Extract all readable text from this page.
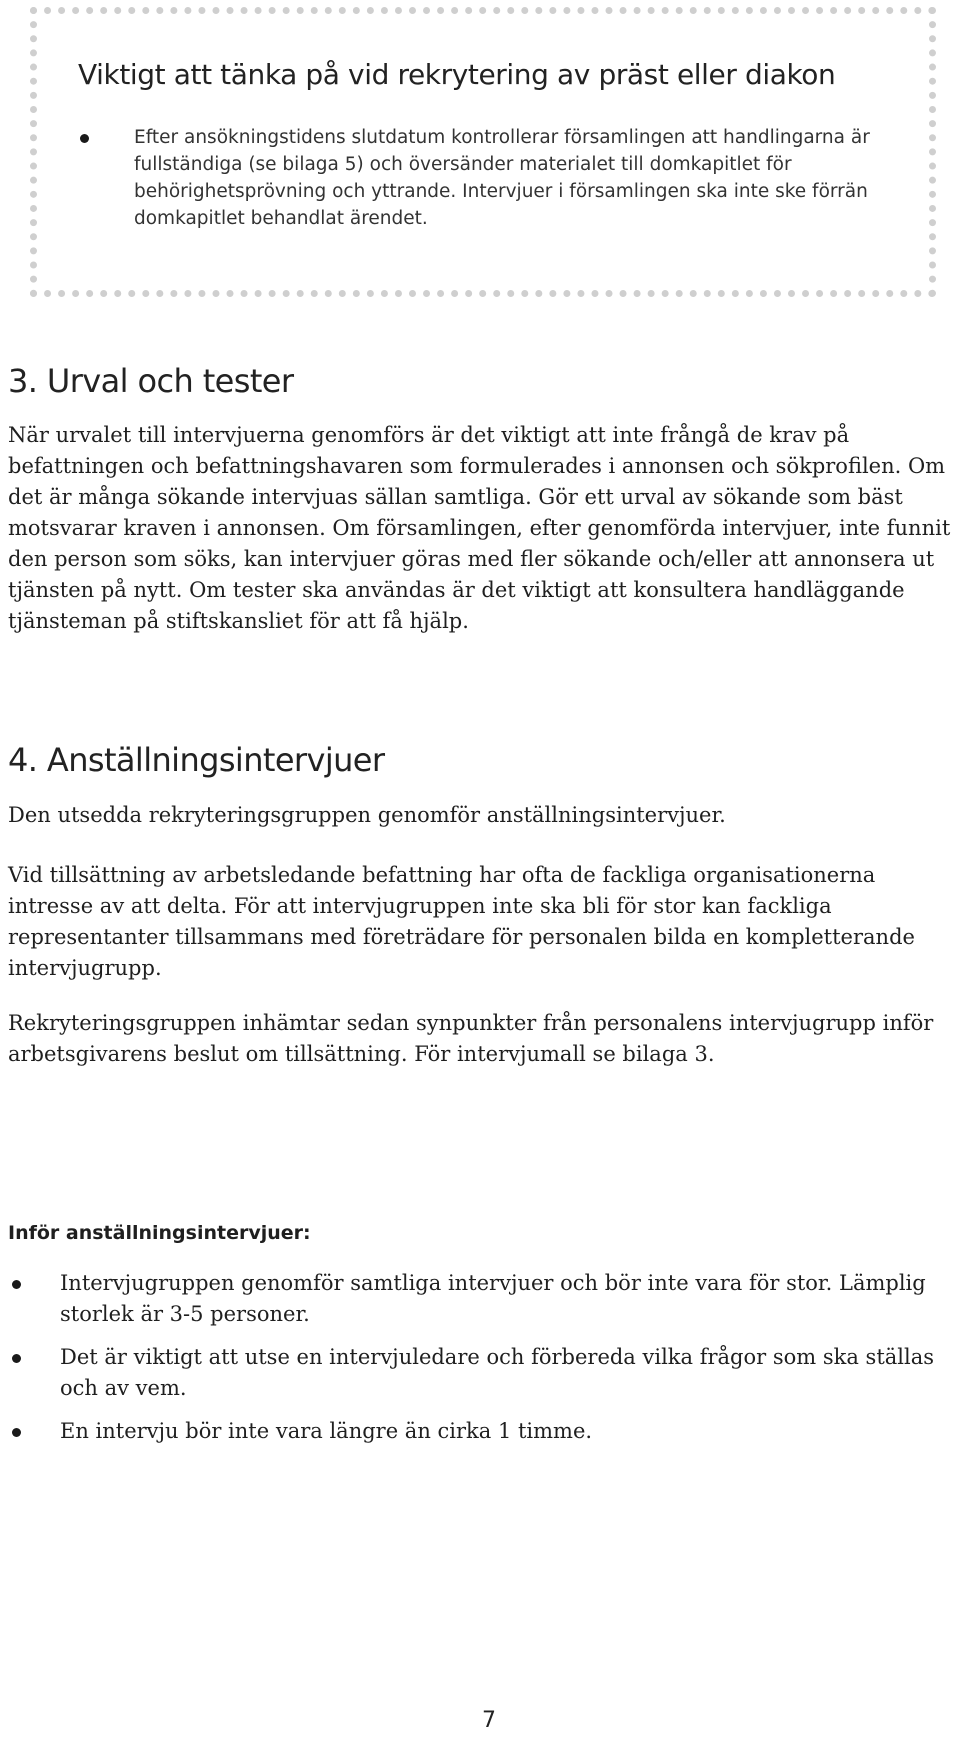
Viktigt att tänka på vid rekrytering av präst eller diakon
Efter ansökningstidens slutdatum kontrollerar församlingen att handlingarna är fullständiga (se bilaga 5) och översänder materialet till domkapitlet för behörighetsprövning och yttrande. Intervjuer i församlingen ska inte ske förrän domkapitlet behandlat ärendet.
3. Urval och tester

När urvalet till intervjuerna genomförs är det viktigt att inte frångå de krav på befattningen och befattningshavaren som formulerades i annonsen och sökprofilen. Om det är många sökande intervjuas sällan samtliga. Gör ett urval av sökande som bäst motsvarar kraven i annonsen. Om församlingen, efter genomförda intervjuer, inte funnit den person som söks, kan intervjuer göras med fler sökande och/eller att annonsera ut tjänsten på nytt. Om tester ska användas är det viktigt att konsultera handläggande tjänsteman på stiftskansliet för att få hjälp.

4. Anställningsintervjuer

Den utsedda rekryteringsgruppen genomför anställningsintervjuer.

Vid tillsättning av arbetsledande befattning har ofta de fackliga organisationerna intresse av att delta. För att intervjugruppen inte ska bli för stor kan fackliga representanter tillsammans med företrädare för personalen bilda en kompletterande intervjugrupp.

Rekryteringsgruppen inhämtar sedan synpunkter från personalens intervjugrupp inför arbetsgivarens beslut om tillsättning. För intervjumall se bilaga 3.

Inför anställningsintervjuer:
Intervjugruppen genomför samtliga intervjuer och bör inte vara för stor. Lämplig storlek är 3-5 personer.
Det är viktigt att utse en intervjuledare och förbereda vilka frågor som ska ställas och av vem.
En intervju bör inte vara längre än cirka 1 timme.

7
